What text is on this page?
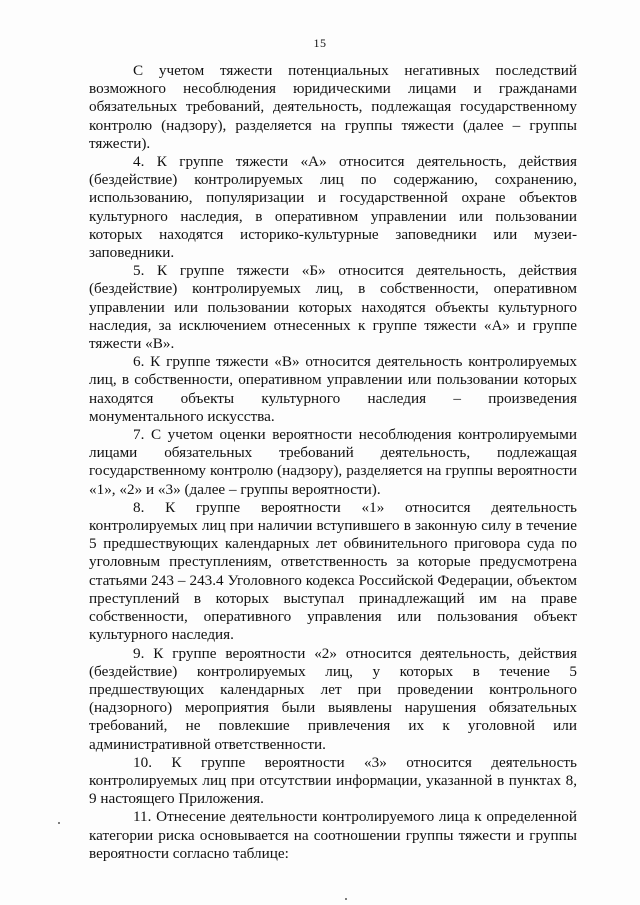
15

С учетом тяжести потенциальных негативных последствий возможного несоблюдения юридическими лицами и гражданами обязательных требований, деятельность, подлежащая государственному контролю (надзору), разделяется на группы тяжести (далее – группы тяжести).

4. К группе тяжести «А» относится деятельность, действия (бездействие) контролируемых лиц по содержанию, сохранению, использованию, популяризации и государственной охране объектов культурного наследия, в оперативном управлении или пользовании которых находятся историко-культурные заповедники или музеи-заповедники.

5. К группе тяжести «Б» относится деятельность, действия (бездействие) контролируемых лиц, в собственности, оперативном управлении или пользовании которых находятся объекты культурного наследия, за исключением отнесенных к группе тяжести «А» и группе тяжести «В».

6. К группе тяжести «В» относится деятельность контролируемых лиц, в собственности, оперативном управлении или пользовании которых находятся объекты культурного наследия – произведения монументального искусства.

7. С учетом оценки вероятности несоблюдения контролируемыми лицами обязательных требований деятельность, подлежащая государственному контролю (надзору), разделяется на группы вероятности «1», «2» и «3» (далее – группы вероятности).

8. К группе вероятности «1» относится деятельность контролируемых лиц при наличии вступившего в законную силу в течение 5 предшествующих календарных лет обвинительного приговора суда по уголовным преступлениям, ответственность за которые предусмотрена статьями 243 – 243.4 Уголовного кодекса Российской Федерации, объектом преступлений в которых выступал принадлежащий им на праве собственности, оперативного управления или пользования объект культурного наследия.

9. К группе вероятности «2» относится деятельность, действия (бездействие) контролируемых лиц, у которых в течение 5 предшествующих календарных лет при проведении контрольного (надзорного) мероприятия были выявлены нарушения обязательных требований, не повлекшие привлечения их к уголовной или административной ответственности.

10. К группе вероятности «3» относится деятельность контролируемых лиц при отсутствии информации, указанной в пунктах 8, 9 настоящего Приложения.

11. Отнесение деятельности контролируемого лица к определенной категории риска основывается на соотношении группы тяжести и группы вероятности согласно таблице:
